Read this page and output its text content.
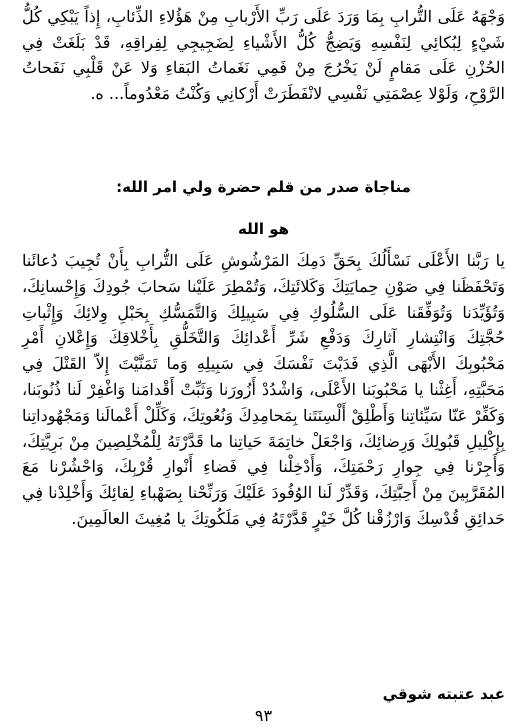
وَجْهَهُ عَلَى التُّرابِ بِمَا وَرَدَ عَلَى رَبِّ الأَرْبابِ مِنْ هَؤُلاءِ الذِّئابِ، إِذاً يَبْكِي كُلُّ شَيْءٍ لِبُكائِي لِنَفْسِهِ وَيَضِجُّ كُلُّ الأَشْياءِ لِضَجِيجِي لِفِراقِهِ، قَدْ بَلَغَتْ فِي الحُزْنِ عَلَى مَقامٍ لَنْ يَخْرُجَ مِنْ فَمِي نَغَماتُ البَقاءِ وَلا عَنْ قَلْبِي نَفَحاتُ الرَّوْحِ، وَلَوْلا عِصْمَتِي نَفْسِي لانْفَطَرَتْ أَرْكانِي وَكُنْتُ مَعْدُوماً... ه.
مناجاة صدر من قلم حضرة ولي امر الله:
هو الله
يا رَبَّنا الأَعْلَى نَسْأَلُكَ بِحَقِّ دَمِكَ المَرْشُوشِ عَلَى التُّرابِ بِأَنْ تُجِيبَ دُعائَنا وَتَحْفَظَنا فِي صَوْنِ حِمايَتِكَ وَكَلائَتِكَ، وَتُمْطِرَ عَلَيْنا سَحابَ جُودِكَ وَإِحْسانِكَ، وَتُؤَيِّدَنا وَتُوَفِّقَنا عَلَى السُّلُوكِ فِي سَبِيلِكَ وَالتَّمَسُّكِ بِحَبْلِ وِلائِكَ وَإِثْباتِ حُجَّتِكَ وَانْتِشارِ آثارِكَ وَدَفْعِ شَرِّ أَعْدائِكَ وَالتَّخَلُّقِ بِأَخْلاقِكَ وَإِعْلانِ أَمْرِ مَحْبُوبِكَ الأَبْهَى الَّذِي فَدَيْتَ نَفْسَكَ فِي سَبِيلِهِ وَما تَمَنَّيْتَ إِلاّ القَتْلَ فِي مَحَبَّتِهِ، أَغِثْنا يا مَحْبُوبَنا الأَعْلَى، وَاشْدُدْ أَزُورَنا وَثَبِّتْ أَقْدامَنا وَاغْفِرْ لَنا ذُنُوبَنا، وَكَفِّرْ عَنّا سَيِّئاتِنا وَأَطْلِقْ أَلْسِنَتَنا بِمَحامِدِكَ وَنُعُوتِكَ، وَكَلِّلْ أَعْمالَنا وَمَجْهُوداتِنا بِإِكْلِيلِ قَبُولِكَ وَرِضائِكَ، وَاجْعَلْ خاتِمَةَ حَياتِنا ما قَدَّرْتَهُ لِلْمُخْلِصِينَ مِنْ بَرِيَّتِكَ، وَأَجِرْنا فِي جِوارِ رَحْمَتِكَ، وَأَدْخِلْنا فِي فَضاءِ أَنْوارِ قُرْبِكَ، وَاحْشُرْنا مَعَ المُقَرَّبِينَ مِنْ أَحِبَّتِكَ، وَقَدِّرْ لَنا الوُفُودَ عَلَيْكَ وَرَنِّحْنا بِصَهْباءِ لِقائِكَ وَأَخْلِدْنا فِي حَدائِقِ قُدْسِكَ وَارْزُقْنا كُلَّ خَيْرٍ قَدَّرْتَهُ فِي مَلَكُوتِكَ يا مُغِيثَ العالَمِينَ.
عبد عتبته شوقي
٩٣
